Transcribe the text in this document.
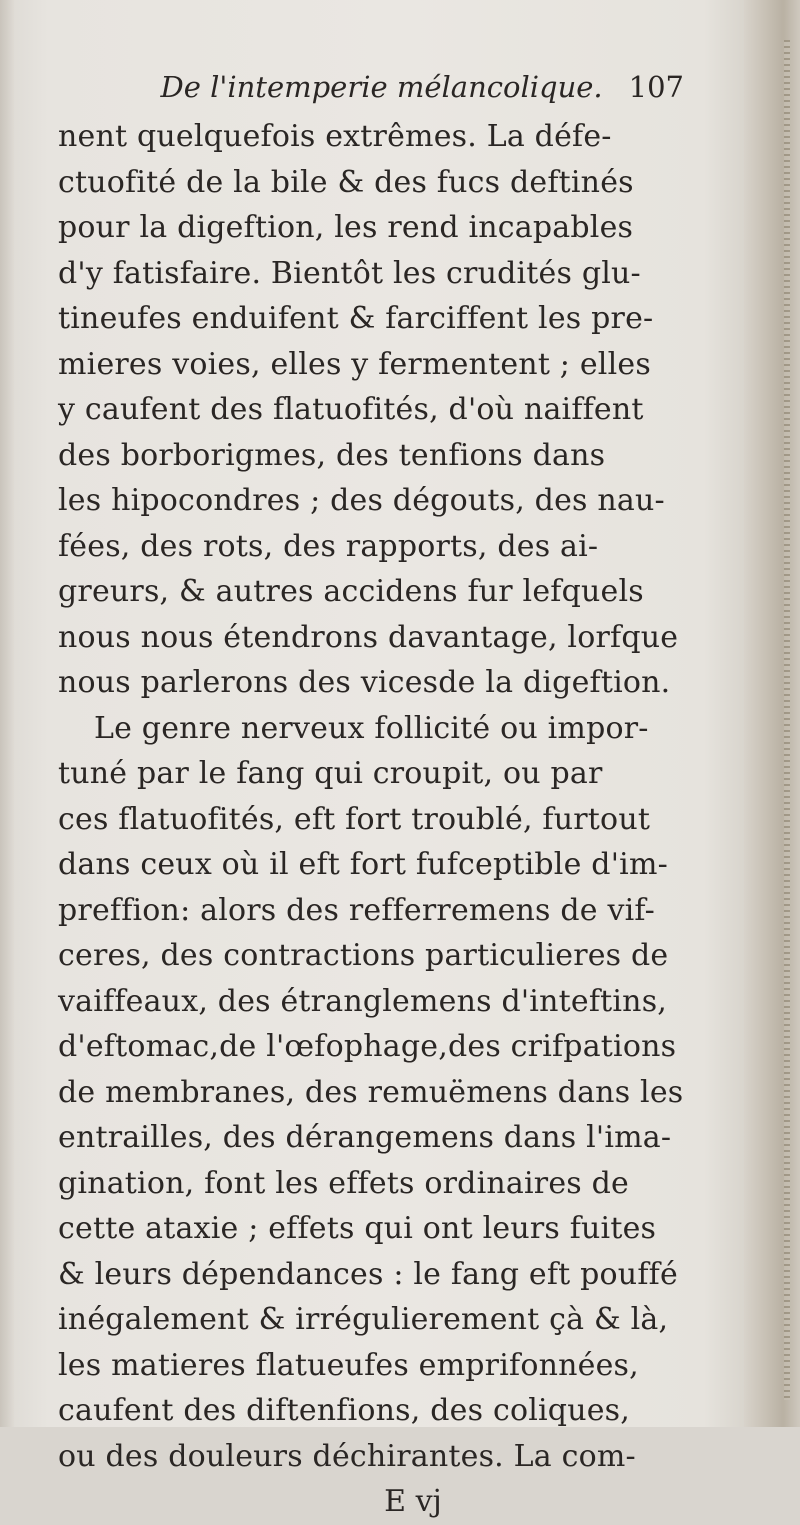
De l'intemperie mélancolique. 107
nent quelquefois extrêmes. La défe-
ctuofité de la bile & des fucs deftinés
pour la digeftion, les rend incapables
d'y fatisfaire. Bientôt les crudités glu-
tineufes enduifent & farciffent les pre-
mieres voies, elles y fermentent ; elles
y caufent des flatuofités, d'où naiffent
des borborigmes, des tenfions dans
les hipocondres ; des dégouts, des nau-
fées, des rots, des rapports, des ai-
greurs, & autres accidens fur lefquels
nous nous étendrons davantage, lorfque
nous parlerons des vicesde la digeftion.
Le genre nerveux follicité ou impor-
tuné par le fang qui croupit, ou par
ces flatuofités, eft fort troublé, furtout
dans ceux où il eft fort fufceptible d'im-
preffion: alors des refferremens de vif-
ceres, des contractions particulieres de
vaiffeaux, des étranglemens d'inteftins,
d'eftomac,de l'œfophage,des crifpations
de membranes, des remuëmens dans les
entrailles, des dérangemens dans l'ima-
gination, font les effets ordinaires de
cette ataxie ; effets qui ont leurs fuites
& leurs dépendances : le fang eft pouffé
inégalement & irrégulierement çà & là,
les matieres flatueufes emprifonnées,
caufent des diftenfions, des coliques,
ou des douleurs déchirantes. La com-
E vj
